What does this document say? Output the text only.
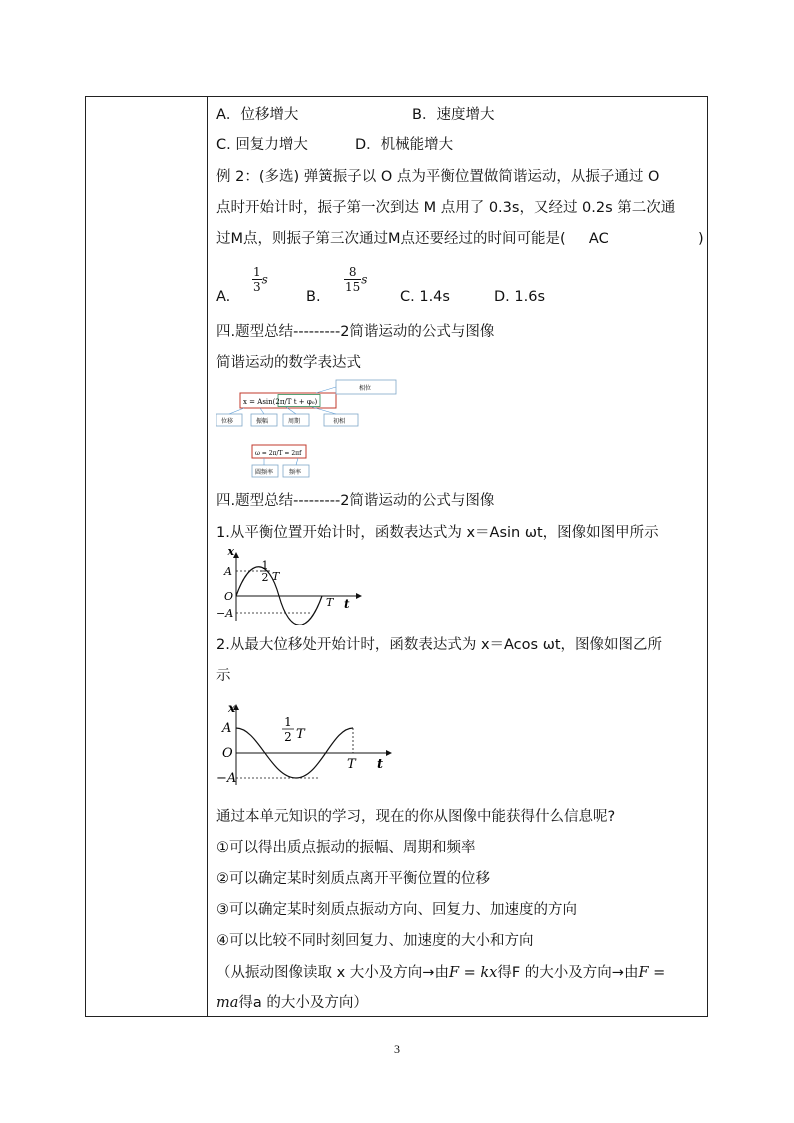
A．位移增大	B．速度增大
C. 回复力增大	D．机械能增大
例 2：(多选) 弹簧振子以 O 点为平衡位置做简谐运动，从振子通过 O
点时开始计时，振子第一次到达 M 点用了 0.3s，又经过 0.2s 第二次通
过M点，则振子第三次通过M点还要经过的时间可能是( AC	)
A.
$\frac{1}{3}$ s
B.
$\frac{8}{15}$ s
C. 1.4s	D. 1.6s
四.题型总结---------2简谐运动的公式与图像
简谐运动的数学表达式
x = Asin(2π/T t + φ₀)
相位
位移	振幅	周期	初相
ω = 2π/T = 2πf
圆频率	频率
四.题型总结---------2简谐运动的公式与图像
1.从平衡位置开始计时，函数表达式为 x＝Asin ωt，图像如图甲所示
x
A
O
−A
1
2 T
T t
2.从最大位移处开始计时，函数表达式为 x＝Acos ωt，图像如图乙所
示
x
A
O
−A
1
2 T
T t
通过本单元知识的学习，现在的你从图像中能获得什么信息呢?
①可以得出质点振动的振幅、周期和频率
②可以确定某时刻质点离开平衡位置的位移
③可以确定某时刻质点振动方向、回复力、加速度的方向
④可以比较不同时刻回复力、加速度的大小和方向
（从振动图像读取 x 大小及方向→由F = kx得F 的大小及方向→由F =
ma得a 的大小及方向）
3
